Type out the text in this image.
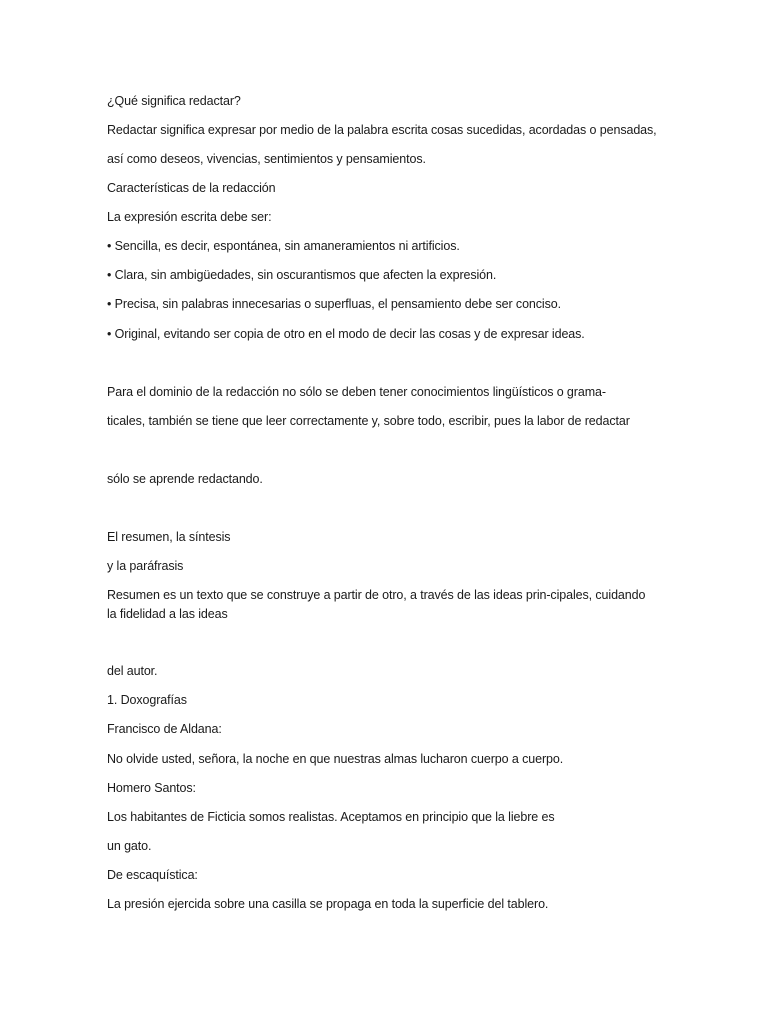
¿Qué significa redactar?
Redactar significa expresar por medio de la palabra escrita cosas sucedidas, acordadas o pensadas,
así como deseos, vivencias, sentimientos y pensamientos.
Características de la redacción
La expresión escrita debe ser:
• Sencilla, es decir, espontánea, sin amaneramientos ni artificios.
• Clara, sin ambigüedades, sin oscurantismos que afecten la expresión.
• Precisa, sin palabras innecesarias o superfluas, el pensamiento debe ser conciso.
• Original, evitando ser copia de otro en el modo de decir las cosas y de expresar ideas.
Para el dominio de la redacción no sólo se deben tener conocimientos lingüísticos o grama-
ticales, también se tiene que leer correctamente y, sobre todo, escribir, pues la labor de redactar
sólo se aprende redactando.
El resumen, la síntesis
y la paráfrasis
Resumen es un texto que se construye a partir de otro, a través de las ideas prin-cipales, cuidando
la fidelidad a las ideas
del autor.
1. Doxografías
Francisco de Aldana:
No olvide usted, señora, la noche en que nuestras almas lucharon cuerpo a cuerpo.
Homero Santos:
Los habitantes de Ficticia somos realistas. Aceptamos en principio que la liebre es
un gato.
De escaquística:
La presión ejercida sobre una casilla se propaga en toda la superficie del tablero.
